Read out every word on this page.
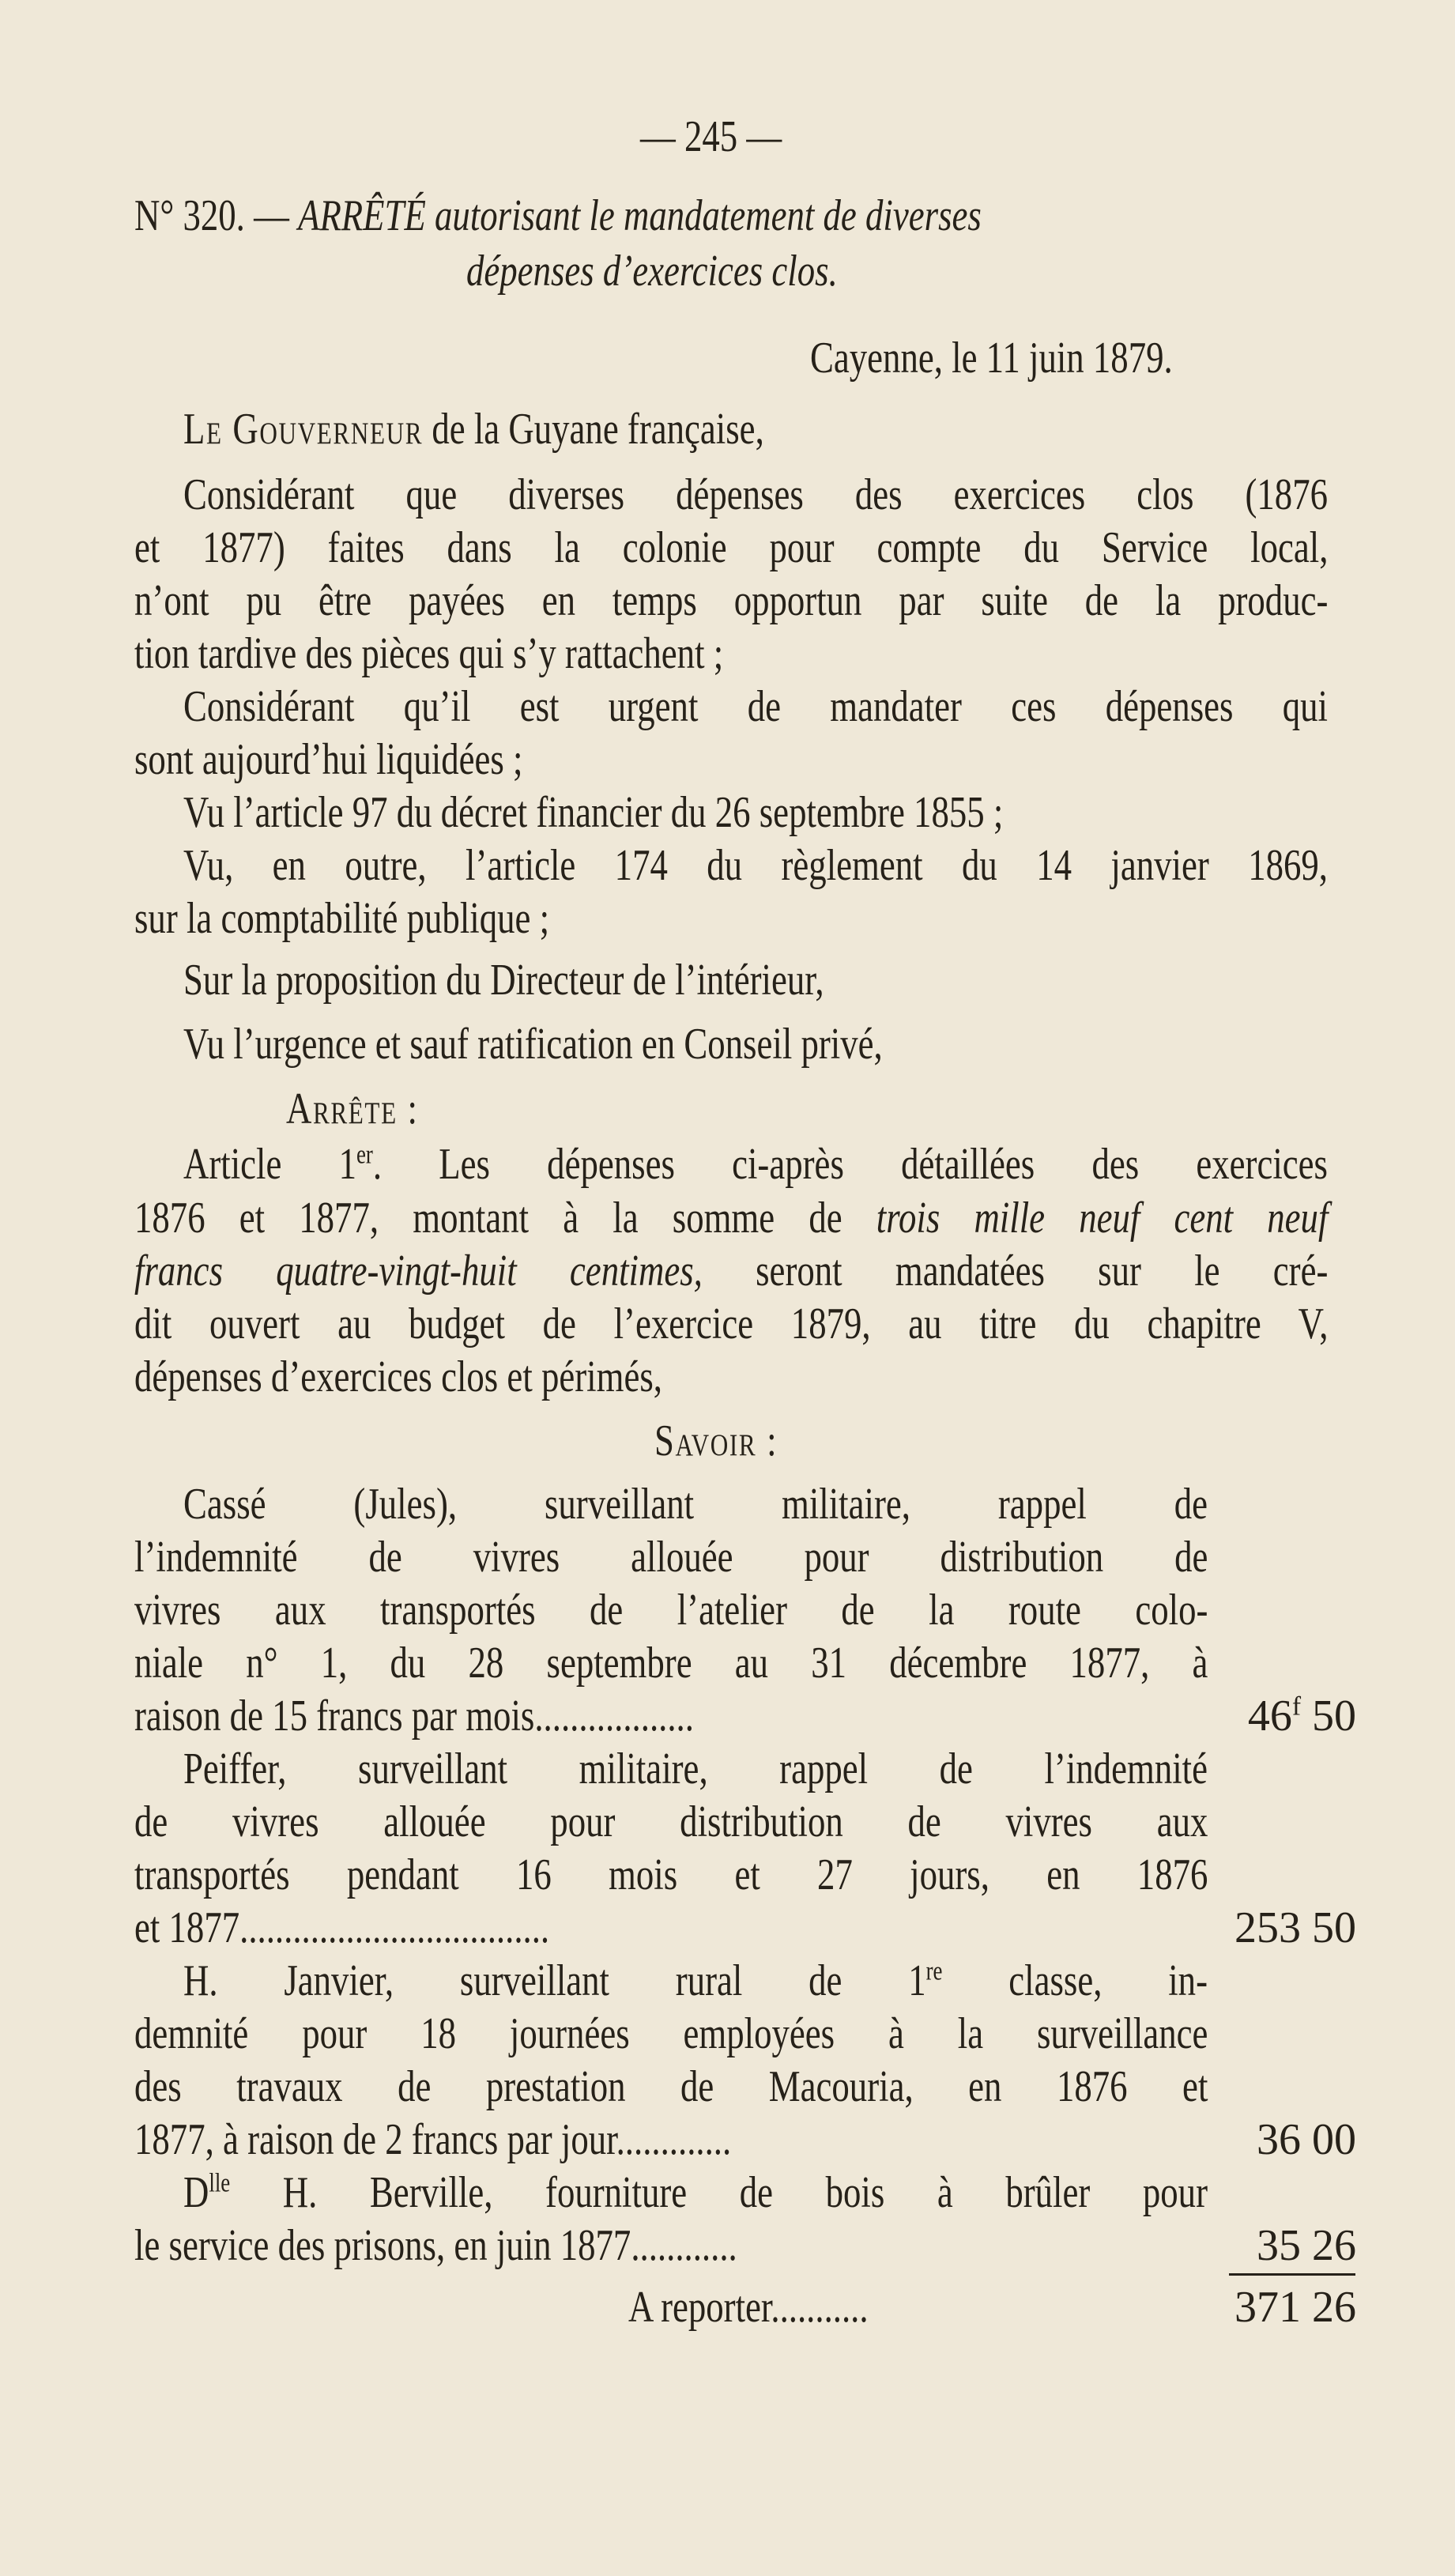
— 245 —
N° 320. — ARRÊTÉ autorisant le mandatement de diverses
dépenses d’exercices clos.
Cayenne, le 11 juin 1879.
Le Gouverneur de la Guyane française,
Considérant que diverses dépenses des exercices clos (1876
et 1877) faites dans la colonie pour compte du Service local,
n’ont pu être payées en temps opportun par suite de la produc-
tion tardive des pièces qui s’y rattachent ;
Considérant qu’il est urgent de mandater ces dépenses qui
sont aujourd’hui liquidées ;
Vu l’article 97 du décret financier du 26 septembre 1855 ;
Vu, en outre, l’article 174 du règlement du 14 janvier 1869,
sur la comptabilité publique ;
Sur la proposition du Directeur de l’intérieur,
Vu l’urgence et sauf ratification en Conseil privé,
Arrête :
Article 1er. Les dépenses ci-après détaillées des exercices
1876 et 1877, montant à la somme de trois mille neuf cent neuf
francs quatre-vingt-huit centimes, seront mandatées sur le cré-
dit ouvert au budget de l’exercice 1879, au titre du chapitre V,
dépenses d’exercices clos et périmés,
Savoir :
Cassé (Jules), surveillant militaire, rappel de
l’indemnité de vivres allouée pour distribution de
vivres aux transportés de l’atelier de la route colo-
niale n° 1, du 28 septembre au 31 décembre 1877, à
raison de 15 francs par mois..................	46$^f$ 50
Peiffer, surveillant militaire, rappel de l’indemnité
de vivres allouée pour distribution de vivres aux
transportés pendant 16 mois et 27 jours, en 1876
et 1877...................................	253 50
H. Janvier, surveillant rural de 1re classe, in-
demnité pour 18 journées employées à la surveillance
des travaux de prestation de Macouria, en 1876 et
1877, à raison de 2 francs par jour.............	36 00
$D^{lle}$ H. Berville, fourniture de bois à brûler pour
le service des prisons, en juin 1877............	35 26
A reporter...........	371 26
